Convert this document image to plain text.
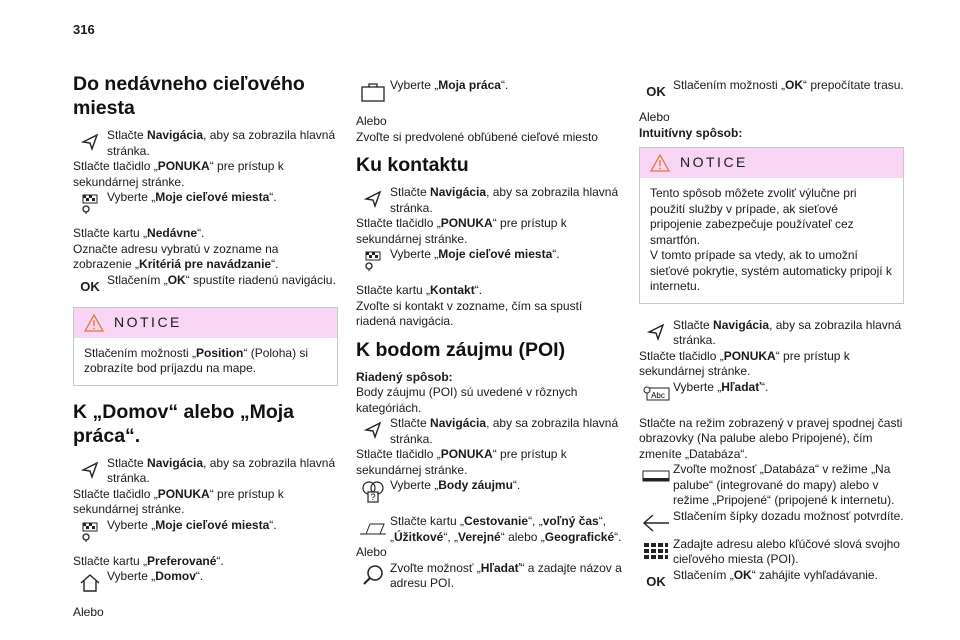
316
Do nedávneho cieľového miesta

Stlačte Navigácia, aby sa zobrazila hlavná stránka.

Stlačte tlačidlo „PONUKA“ pre prístup k sekundárnej stránke.

Vyberte „Moje cieľové miesta“.

Stlačte kartu „Nedávne“.

Označte adresu vybratú v zozname na zobrazenie „Kritériá pre navádzanie“.

OK Stlačením „OK“ spustíte riadenú navigáciu.

NOTICE

Stlačením možnosti „Position“ (Poloha) si zobrazíte bod príjazdu na mape.

K „Domov“ alebo „Moja práca“.

Stlačte Navigácia, aby sa zobrazila hlavná stránka.

Stlačte tlačidlo „PONUKA“ pre prístup k sekundárnej stránke.

Vyberte „Moje cieľové miesta“.

Stlačte kartu „Preferované“.

Vyberte „Domov“.

Alebo

Vyberte „Moja práca“.

Alebo

Zvoľte si predvolené obľúbené cieľové miesto

Ku kontaktu

Stlačte Navigácia, aby sa zobrazila hlavná stránka.

Stlačte tlačidlo „PONUKA“ pre prístup k sekundárnej stránke.

Vyberte „Moje cieľové miesta“.

Stlačte kartu „Kontakt“.

Zvoľte si kontakt v zozname, čím sa spustí riadená navigácia.

K bodom záujmu (POI)

Riadený spôsob:

Body záujmu (POI) sú uvedené v rôznych kategóriách.

Stlačte Navigácia, aby sa zobrazila hlavná stránka.

Stlačte tlačidlo „PONUKA“ pre prístup k sekundárnej stránke.

?

Vyberte „Body záujmu“.

Stlačte kartu „Cestovanie“, „voľný čas“, „Úžitkové“, „Verejné“ alebo „Geografické“.

Alebo

Zvoľte možnosť „Hľadať“ a zadajte názov a adresu POI.

OK Stlačením možnosti „OK“ prepočítate trasu.

Alebo

Intuitívny spôsob:

NOTICE

Tento spôsob môžete zvoliť výlučne pri použití služby v prípade, ak sieťové pripojenie zabezpečuje používateľ cez smartfón.

V tomto prípade sa vtedy, ak to umožní sieťové pokrytie, systém automaticky pripojí k internetu.

Stlačte Navigácia, aby sa zobrazila hlavná stránka.

Stlačte tlačidlo „PONUKA“ pre prístup k sekundárnej stránke.

Abc

Vyberte „Hľadať“.

Stlačte na režim zobrazený v pravej spodnej časti obrazovky (Na palube alebo Pripojené), čím zmeníte „Databáza“.

Zvoľte možnosť „Databáza“ v režime „Na palube“ (integrované do mapy) alebo v režime „Pripojené“ (pripojené k internetu).

Stlačením šípky dozadu možnosť potvrdíte.

Zadajte adresu alebo kľúčové slová svojho cieľového miesta (POI).

OK Stlačením „OK“ zahájite vyhľadávanie.
